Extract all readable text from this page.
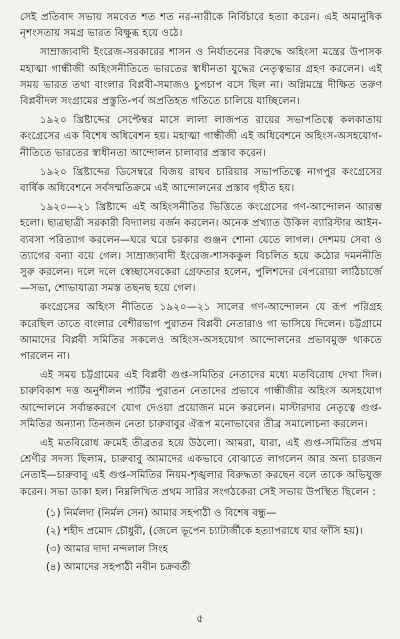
সেই প্রতিবাদ সভায় সমবেত শত শত নর-নারীকে নির্বিচারে হত্যা করেন। এই অমানুষিক নৃশংসতায় সমগ্র ভারত বিক্ষুব্ধ হয়ে ওঠে।

সাম্রাজ্যবাদী ইংরেজ-সরকারের শাসন ও নির্যাতনের বিরুদ্ধে অহিংসা মন্ত্রের উপাসক মহাত্মা গান্ধীজী অহিংসনীতিতে ভারতের স্বাধীনতা যুদ্ধের নেতৃত্বভার গ্রহণ করলেন। এই সময় ভারত তথা বাংলার বিপ্লবী-সমাজও চুপচাপ বসে ছিল না। অগ্নিমন্ত্রে দীক্ষিত তরুণ বিপ্লবীদল সংগ্রামের প্রস্তুতি-পর্ব অপ্রতিহত গতিতে চালিয়ে যাচ্ছিলেন।

১৯২০ খ্রিষ্টাব্দের সেপ্টেম্বর মাসে লালা লাজপত রায়ের সভাপতিত্বে কলকাতায় কংগ্রেসের এক বিশেষ অধিবেশন হয়। মহাত্মা গান্ধীজী এই অধিবেশনে অহিংস-অসহযোগ-নীতিতে ভারতের স্বাধীনতা আন্দোলন চালাবার প্রস্তাব করেন।

১৯২০ খ্রিষ্টাব্দের ডিসেম্বরে বিজয় রাঘব চারিয়ার সভাপতিত্বে নাগপুর কংগ্রেসের বার্ষিক অধিবেশনে সর্বসম্মতিক্রমে এই আন্দোলনের প্রস্তাব গৃহীত হয়।

১৯২০—২১ খ্রিষ্টাব্দে এই অহিংসনীতির ভিত্তিতে কংগ্রেসের গণ-আন্দোলন আরম্ভ হলো। ছাত্রছাত্রী সরকারী বিদ্যালয় বর্জন করলেন। অনেক প্রখ্যাত উকিল ব্যারিস্টার আইন-ব্যবসা পরিত্যাগ করলেন—ঘরে ঘরে চরকার গুঞ্জন শোনা যেতে লাগল। দেশময় সেবা ও ত্যাগের বন্যা বয়ে গেল। সাম্রাজ্যবাদী ইংরেজ-শাসককুল বিচলিত হয়ে কঠোর দমননীতি সুরু করলেন। দলে দলে স্বেচ্ছাসেবকেরা গ্রেফতার হলেন, পুলিশদের বেপরোয়া লাঠিচার্জে—সভা, শোভাযাত্রা সমস্ত তছনছ হয়ে গেল।

কংগ্রেসের অহিংস নীতিতে ১৯২০—২১ সালের গণ-আন্দোলন যে রূপ পরিগ্রহ করেছিল তাতে বাংলার বেশীরভাগ পুরাতন বিপ্লবী নেতারাও গা ভাসিয়ে দিলেন। চট্টগ্রামে আমাদের বিপ্লবী সমিতির সকলেও অহিংস-অসহযোগ আন্দোলনের প্রভাবমুক্ত থাকতে পারলেন না।

এই সময় চট্টগ্রামের এই বিপ্লবী গুপ্ত-সমিতির নেতাদের মধ্যে মতবিরোধ দেখা দিল। চারুবিকাশ দত্ত অনুশীলন পার্টির পুরাতন নেতাদের প্রভাবে গান্ধীজীর অহিংস অসহযোগ আন্দোলনে সর্বান্তকরণে যোগ দেওয়া প্রয়োজন মনে করলেন। মাস্টারদার নেতৃত্বে গুপ্ত-সমিতির অন্যান্য তিনজন নেতা চারুবাবুর ঐরূপ মনোভাবের তীব্র সমালোচনা করলেন।

এই মতবিরোধ ক্রমেই তীব্রতর হয়ে উঠলো। আমরা, যারা, এই গুপ্ত-সমিতির প্রথম শ্রেণীর সদস্য ছিলাম, চারুবাবু আমাদের একভাবে বোঝাতে লাগলেন আর অন্য চারজন নেতাই—চারুবাবু এই গুপ্ত-সমিতির নিয়ম-শৃঙ্খলার বিরুদ্ধতা করছেন বলে তাকে অভিযুক্ত করেন। সভা ডাকা হল। নিম্নলিখিত প্রথম সারির সংগঠকেরা সেই সভায় উপস্থিত ছিলেন :

(১) নির্মলদা (নির্মল সেন) আমার সহপাঠী ও বিশেষ বন্ধু—
(২) শহীদ প্রমোদ চৌধুরী, (জেলে ভূপেন চ্যাটার্জীকে হত্যাপরাধে যার ফাঁসি হয়)।
(৩) আমার দাদা নন্দলাল সিংহ
(৪) আমাদের সহপাঠী নবীন চক্রবর্তী
৫
